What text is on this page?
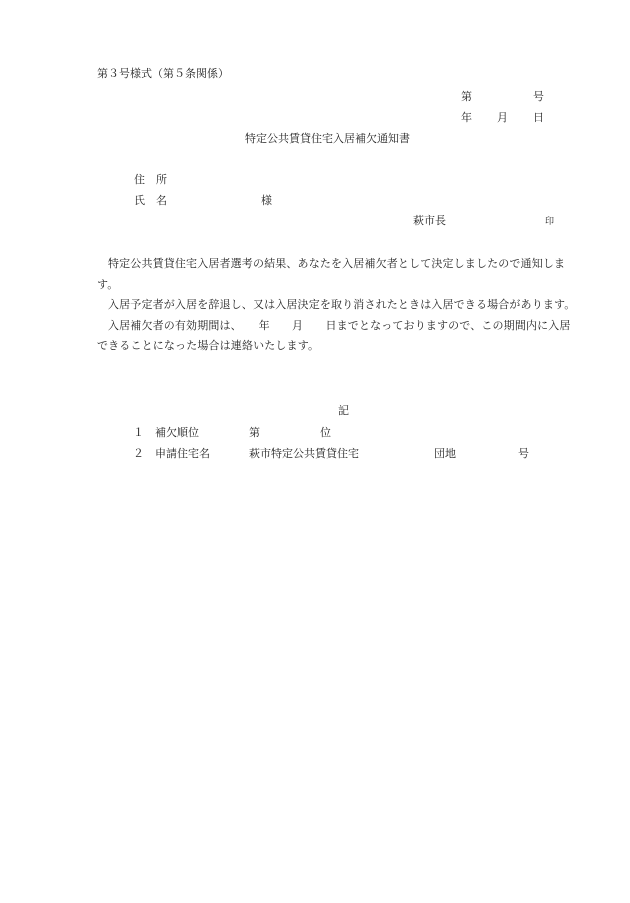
第３号様式（第５条関係）
第	号
年 月 日
特定公共賃貸住宅入居補欠通知書
住　所
氏　名	様
萩市長	印

特定公共賃貸住宅入居者選考の結果、あなたを入居補欠者として決定しましたので通知します。

入居予定者が入居を辞退し、又は入居決定を取り消されたときは入居できる場合があります。

入居補欠者の有効期間は、　　年　　月　　日までとなっておりますので、この期間内に入居できることになった場合は連絡いたします。

記
１ 補欠順位	第	位
２ 申請住宅名	萩市特定公共賃貸住宅	団地	号
